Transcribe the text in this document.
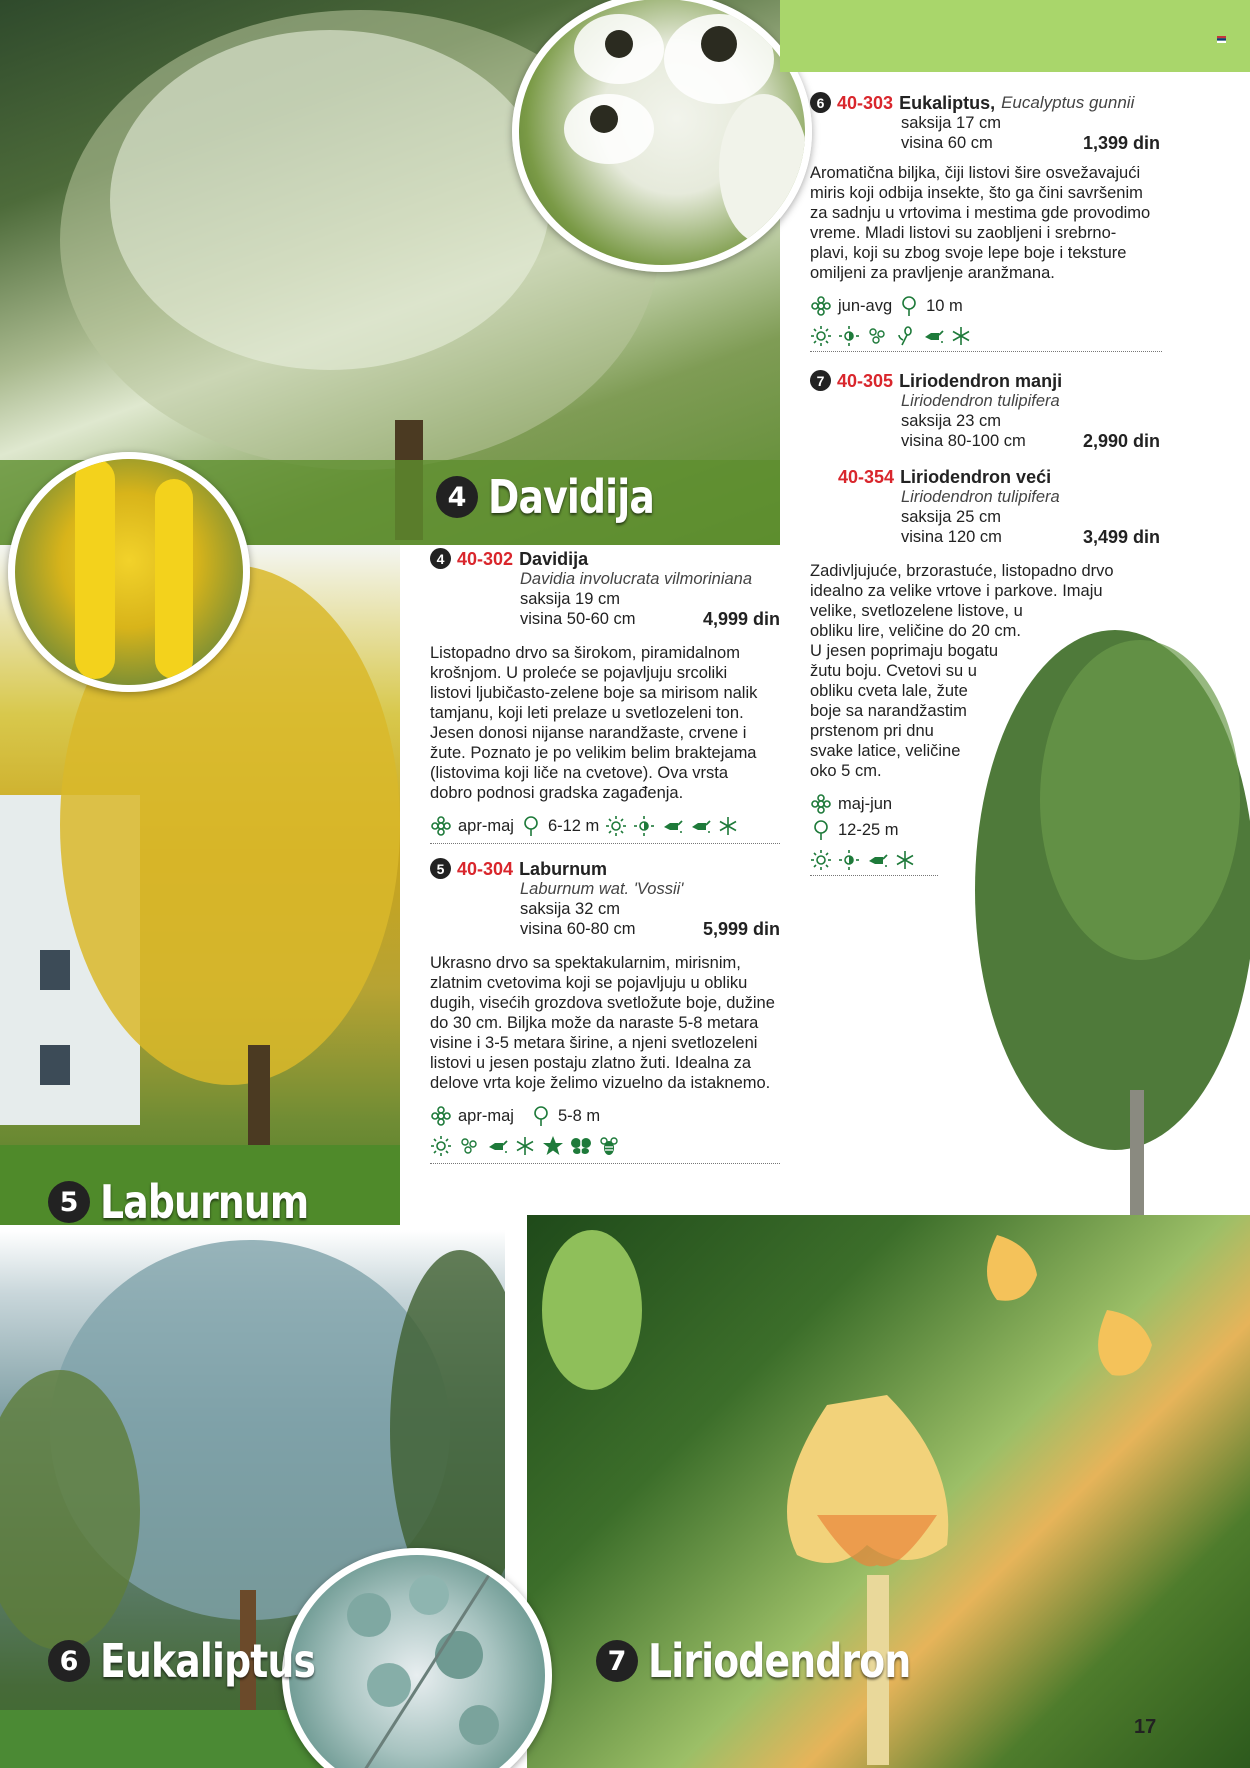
4 Davidija
5 Laburnum
6 Eukaliptus	7 Liriodendron
6 40-303 Eukaliptus, Eucalyptus gunnii
saksija 17 cm
visina 60 cm	1,399 din
Aromatična biljka, čiji listovi šire osvežavajući
miris koji odbija insekte, što ga čini savršenim
za sadnju u vrtovima i mestima gde provodimo
vreme. Mladi listovi su zaobljeni i srebrno-
plavi, koji su zbog svoje lepe boje i teksture
omiljeni za pravljenje aranžmana.
jun-avg 10 m
7 40-305 Liriodendron manji
Liriodendron tulipifera
saksija 23 cm
visina 80-100 cm	2,990 din
40-354 Liriodendron veći
Liriodendron tulipifera
saksija 25 cm
visina 120 cm	3,499 din
Zadivljujuće, brzorastuće, listopadno drvo
idealno za velike vrtove i parkove. Imaju
velike, svetlozelene listove, u
obliku lire, veličine do 20 cm.
U jesen poprimaju bogatu
žutu boju. Cvetovi su u
obliku cveta lale, žute
boje sa narandžastim
prstenom pri dnu
svake latice, veličine
oko 5 cm.
maj-jun
12-25 m
4 40-302 Davidija
Davidia involucrata vilmoriniana
saksija 19 cm
visina 50-60 cm	4,999 din
Listopadno drvo sa širokom, piramidalnom
krošnjom. U proleće se pojavljuju srcoliki
listovi ljubičasto-zelene boje sa mirisom nalik
tamjanu, koji leti prelaze u svetlozeleni ton.
Jesen donosi nijanse narandžaste, crvene i
žute. Poznato je po velikim belim braktejama
(listovima koji liče na cvetove). Ova vrsta
dobro podnosi gradska zagađenja.
apr-maj 6-12 m
5 40-304 Laburnum
Laburnum wat. 'Vossii'
saksija 32 cm
visina 60-80 cm	5,999 din
Ukrasno drvo sa spektakularnim, mirisnim,
zlatnim cvetovima koji se pojavljuju u obliku
dugih, visećih grozdova svetložute boje, dužine
do 30 cm. Biljka može da naraste 5-8 metara
visine i 3-5 metara širine, a njeni svetlozeleni
listovi u jesen postaju zlatno žuti. Idealna za
delove vrta koje želimo vizuelno da istaknemo.
apr-maj	5-8 m
17
